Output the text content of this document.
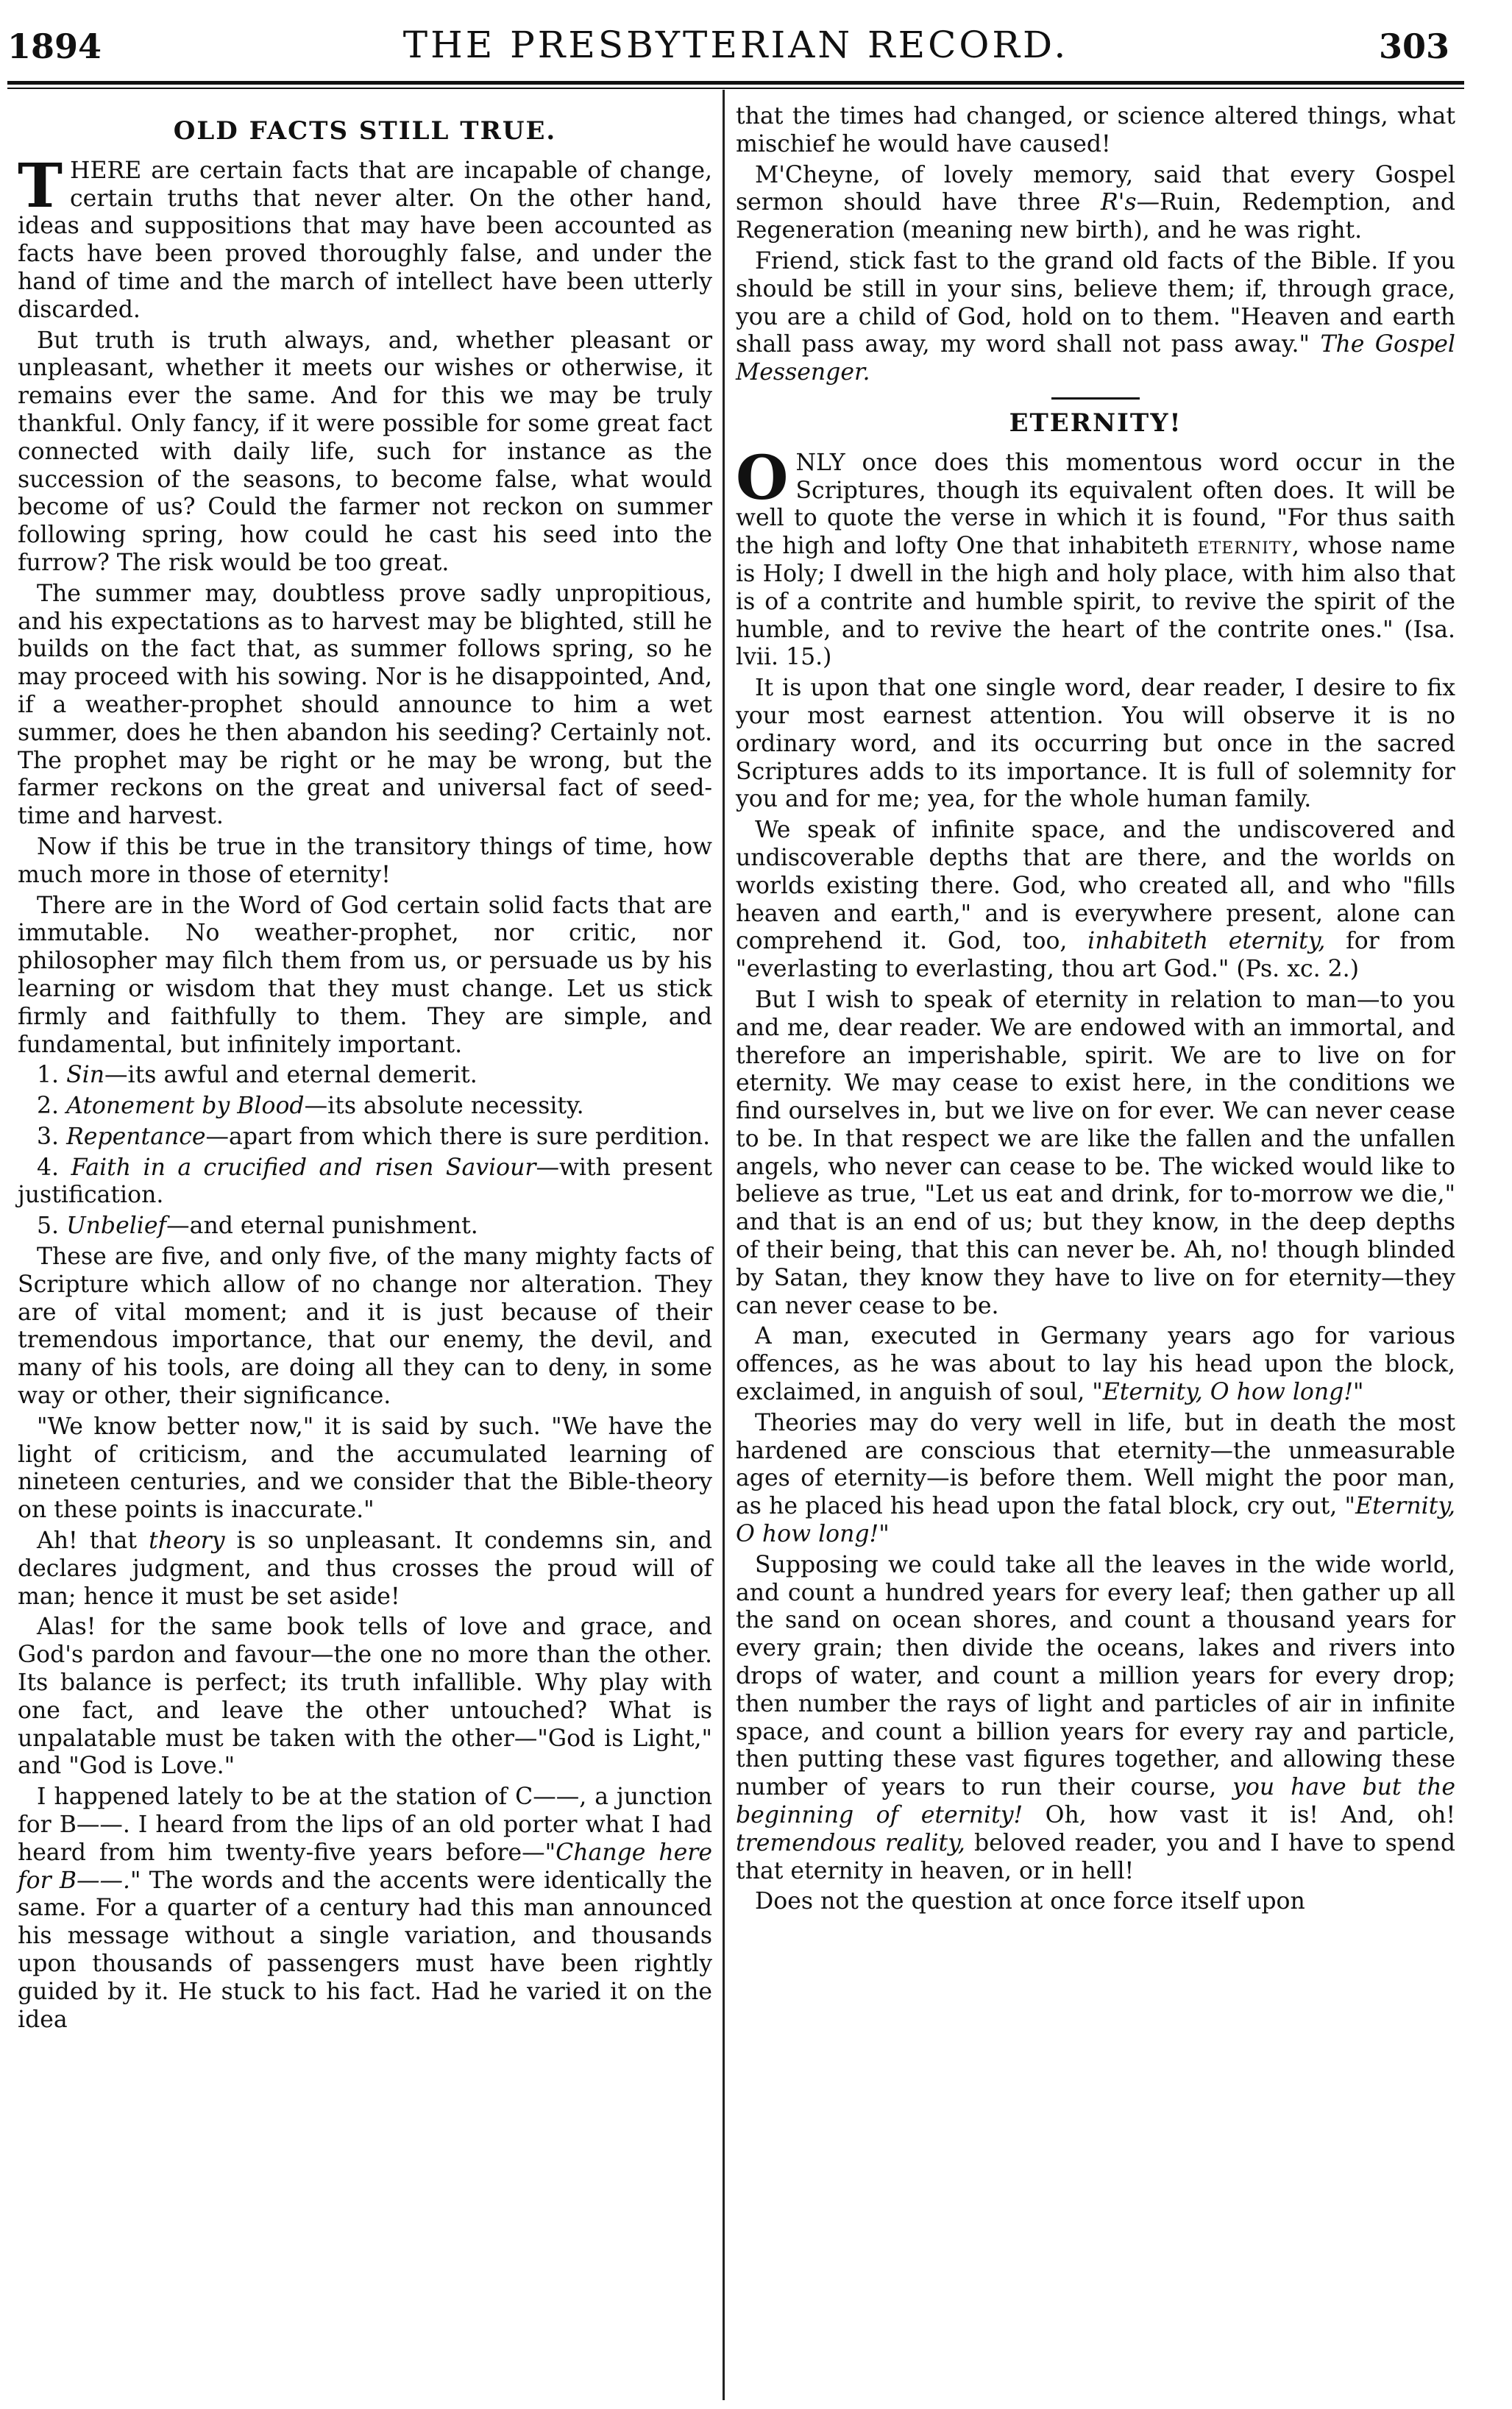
1894	THE PRESBYTERIAN RECORD.	303
OLD FACTS STILL TRUE.

T HERE are certain facts that are incapable of change, certain truths that never alter. On the other hand, ideas and suppositions that may have been accounted as facts have been proved thoroughly false, and under the hand of time and the march of intellect have been utterly discarded.

But truth is truth always, and, whether pleasant or unpleasant, whether it meets our wishes or otherwise, it remains ever the same. And for this we may be truly thankful. Only fancy, if it were possible for some great fact connected with daily life, such for instance as the succession of the seasons, to become false, what would become of us? Could the farmer not reckon on summer following spring, how could he cast his seed into the furrow? The risk would be too great.

The summer may, doubtless prove sadly unpropitious, and his expectations as to harvest may be blighted, still he builds on the fact that, as summer follows spring, so he may proceed with his sowing. Nor is he disappointed, And, if a weather-prophet should announce to him a wet summer, does he then abandon his seeding? Certainly not. The prophet may be right or he may be wrong, but the farmer reckons on the great and universal fact of seed-time and harvest.

Now if this be true in the transitory things of time, how much more in those of eternity!

There are in the Word of God certain solid facts that are immutable. No weather-prophet, nor critic, nor philosopher may filch them from us, or persuade us by his learning or wisdom that they must change. Let us stick firmly and faithfully to them. They are simple, and fundamental, but infinitely important.

1. Sin—its awful and eternal demerit.

2. Atonement by Blood—its absolute necessity.

3. Repentance—apart from which there is sure perdition.

4. Faith in a crucified and risen Saviour—with present justification.

5. Unbelief—and eternal punishment.

These are five, and only five, of the many mighty facts of Scripture which allow of no change nor alteration. They are of vital moment; and it is just because of their tremendous importance, that our enemy, the devil, and many of his tools, are doing all they can to deny, in some way or other, their significance.

"We know better now," it is said by such. "We have the light of criticism, and the accumulated learning of nineteen centuries, and we consider that the Bible-theory on these points is inaccurate."

Ah! that theory is so unpleasant. It condemns sin, and declares judgment, and thus crosses the proud will of man; hence it must be set aside!

Alas! for the same book tells of love and grace, and God's pardon and favour—the one no more than the other. Its balance is perfect; its truth infallible. Why play with one fact, and leave the other untouched? What is unpalatable must be taken with the other—"God is Light," and "God is Love."

I happened lately to be at the station of C——, a junction for B——. I heard from the lips of an old porter what I had heard from him twenty-five years before—"Change here for B——." The words and the accents were identically the same. For a quarter of a century had this man announced his message without a single variation, and thousands upon thousands of passengers must have been rightly guided by it. He stuck to his fact. Had he varied it on the idea

that the times had changed, or science altered things, what mischief he would have caused!

M'Cheyne, of lovely memory, said that every Gospel sermon should have three R's—Ruin, Redemption, and Regeneration (meaning new birth), and he was right.

Friend, stick fast to the grand old facts of the Bible. If you should be still in your sins, believe them; if, through grace, you are a child of God, hold on to them. "Heaven and earth shall pass away, my word shall not pass away." The Gospel Messenger.

ETERNITY!

O NLY once does this momentous word occur in the Scriptures, though its equivalent often does. It will be well to quote the verse in which it is found, "For thus saith the high and lofty One that inhabiteth eternity, whose name is Holy; I dwell in the high and holy place, with him also that is of a contrite and humble spirit, to revive the spirit of the humble, and to revive the heart of the contrite ones." (Isa. lvii. 15.)

It is upon that one single word, dear reader, I desire to fix your most earnest attention. You will observe it is no ordinary word, and its occurring but once in the sacred Scriptures adds to its importance. It is full of solemnity for you and for me; yea, for the whole human family.

We speak of infinite space, and the undiscovered and undiscoverable depths that are there, and the worlds on worlds existing there. God, who created all, and who "fills heaven and earth," and is everywhere present, alone can comprehend it. God, too, inhabiteth eternity, for from "everlasting to everlasting, thou art God." (Ps. xc. 2.)

But I wish to speak of eternity in relation to man—to you and me, dear reader. We are endowed with an immortal, and therefore an imperishable, spirit. We are to live on for eternity. We may cease to exist here, in the conditions we find ourselves in, but we live on for ever. We can never cease to be. In that respect we are like the fallen and the unfallen angels, who never can cease to be. The wicked would like to believe as true, "Let us eat and drink, for to-morrow we die," and that is an end of us; but they know, in the deep depths of their being, that this can never be. Ah, no! though blinded by Satan, they know they have to live on for eternity—they can never cease to be.

A man, executed in Germany years ago for various offences, as he was about to lay his head upon the block, exclaimed, in anguish of soul, "Eternity, O how long!"

Theories may do very well in life, but in death the most hardened are conscious that eternity—the unmeasurable ages of eternity—is before them. Well might the poor man, as he placed his head upon the fatal block, cry out, "Eternity, O how long!"

Supposing we could take all the leaves in the wide world, and count a hundred years for every leaf; then gather up all the sand on ocean shores, and count a thousand years for every grain; then divide the oceans, lakes and rivers into drops of water, and count a million years for every drop; then number the rays of light and particles of air in infinite space, and count a billion years for every ray and particle, then putting these vast figures together, and allowing these number of years to run their course, you have but the beginning of eternity! Oh, how vast it is! And, oh! tremendous reality, beloved reader, you and I have to spend that eternity in heaven, or in hell!

Does not the question at once force itself upon
